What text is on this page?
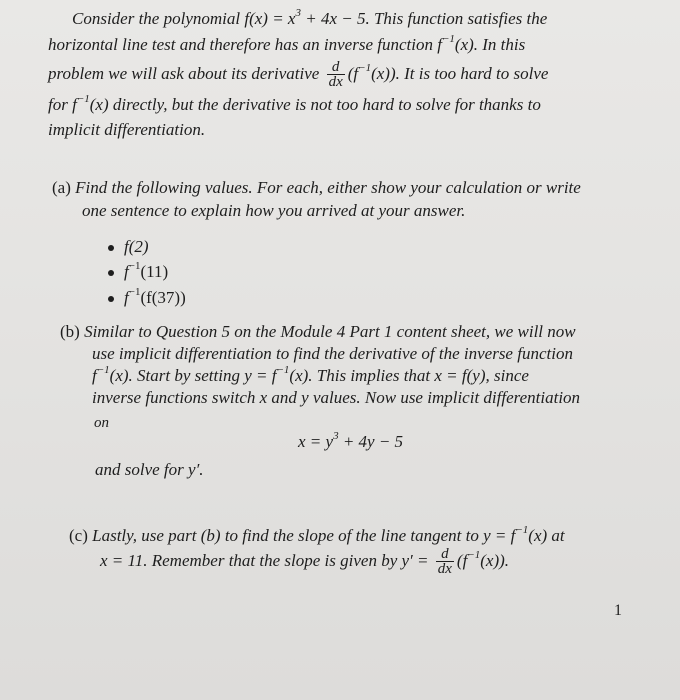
Consider the polynomial $f(x) = x^3 + 4x - 5$. This function satisfies the
horizontal line test and therefore has an inverse function $f^{-1}(x)$. In this
problem we will ask about its derivative $\frac{d}{dx} (f^{-1}(x))$. It is too hard to solve
for $f^{-1}(x)$ directly, but the derivative is not too hard to solve for thanks to
implicit differentiation.
(a) Find the following values. For each, either show your calculation or write
one sentence to explain how you arrived at your answer.
f(2)
$f^{-1}(11)$
$f^{-1}(f(37))$
(b) Similar to Question 5 on the Module 4 Part 1 content sheet, we will now
use implicit differentiation to find the derivative of the inverse function
$f^{-1}(x)$. Start by setting $y = f^{-1}(x)$. This implies that x = f(y), since
inverse functions switch x and y values. Now use implicit differentiation
on
$x = y^3 + 4y - 5$
and solve for y′.
(c) Lastly, use part (b) to find the slope of the line tangent to $y = f^{-1}(x)$ at
x = 11. Remember that the slope is given by $y' = \frac{d}{dx} (f^{-1}(x))$.
1
